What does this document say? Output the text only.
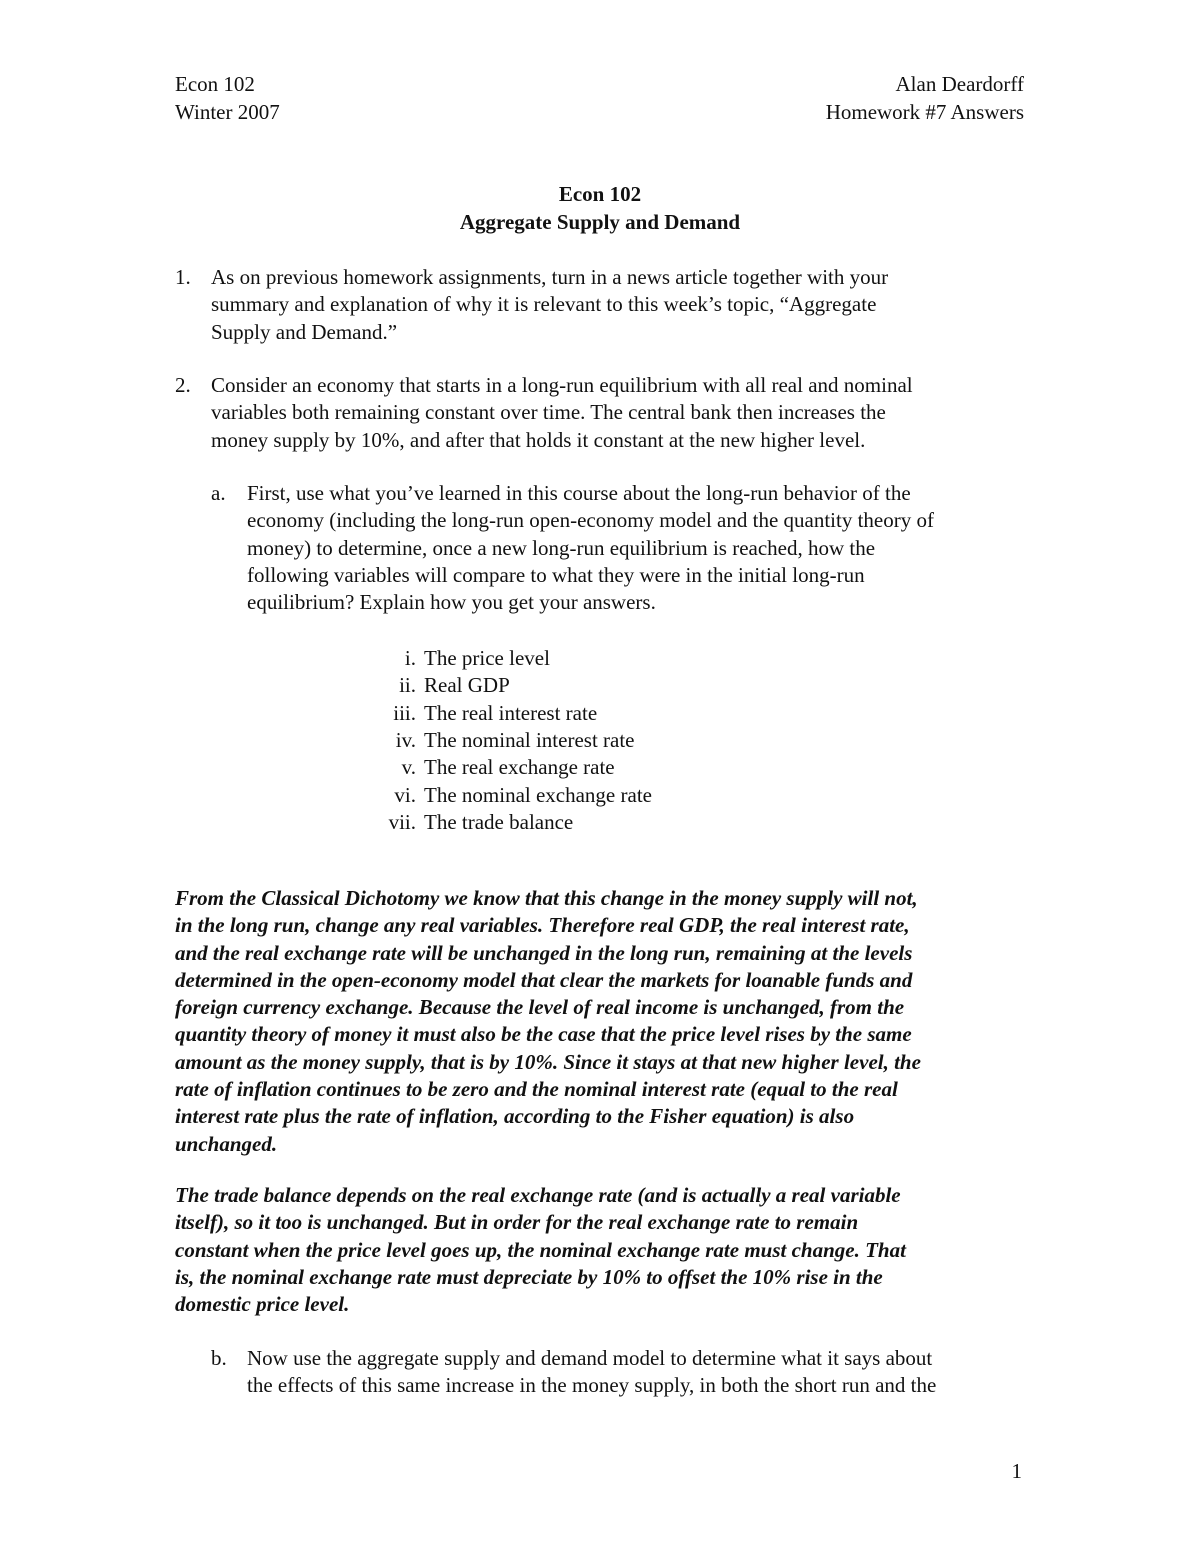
Econ 102
Winter 2007
Alan Deardorff
Homework #7 Answers
Econ 102
Aggregate Supply and Demand
1. As on previous homework assignments, turn in a news article together with your

summary and explanation of why it is relevant to this week’s topic, “Aggregate

Supply and Demand.”

2. Consider an economy that starts in a long-run equilibrium with all real and nominal

variables both remaining constant over time. The central bank then increases the

money supply by 10%, and after that holds it constant at the new higher level.

a. First, use what you’ve learned in this course about the long-run behavior of the

economy (including the long-run open-economy model and the quantity theory of

money) to determine, once a new long-run equilibrium is reached, how the

following variables will compare to what they were in the initial long-run

equilibrium? Explain how you get your answers.

i. The price level
ii. Real GDP
iii. The real interest rate
iv. The nominal interest rate
v. The real exchange rate
vi. The nominal exchange rate
vii. The trade balance

From the Classical Dichotomy we know that this change in the money supply will not,

in the long run, change any real variables. Therefore real GDP, the real interest rate,

and the real exchange rate will be unchanged in the long run, remaining at the levels

determined in the open-economy model that clear the markets for loanable funds and

foreign currency exchange. Because the level of real income is unchanged, from the

quantity theory of money it must also be the case that the price level rises by the same

amount as the money supply, that is by 10%. Since it stays at that new higher level, the

rate of inflation continues to be zero and the nominal interest rate (equal to the real

interest rate plus the rate of inflation, according to the Fisher equation) is also

unchanged.

The trade balance depends on the real exchange rate (and is actually a real variable

itself), so it too is unchanged. But in order for the real exchange rate to remain

constant when the price level goes up, the nominal exchange rate must change. That

is, the nominal exchange rate must depreciate by 10% to offset the 10% rise in the

domestic price level.

b. Now use the aggregate supply and demand model to determine what it says about

the effects of this same increase in the money supply, in both the short run and the

1
